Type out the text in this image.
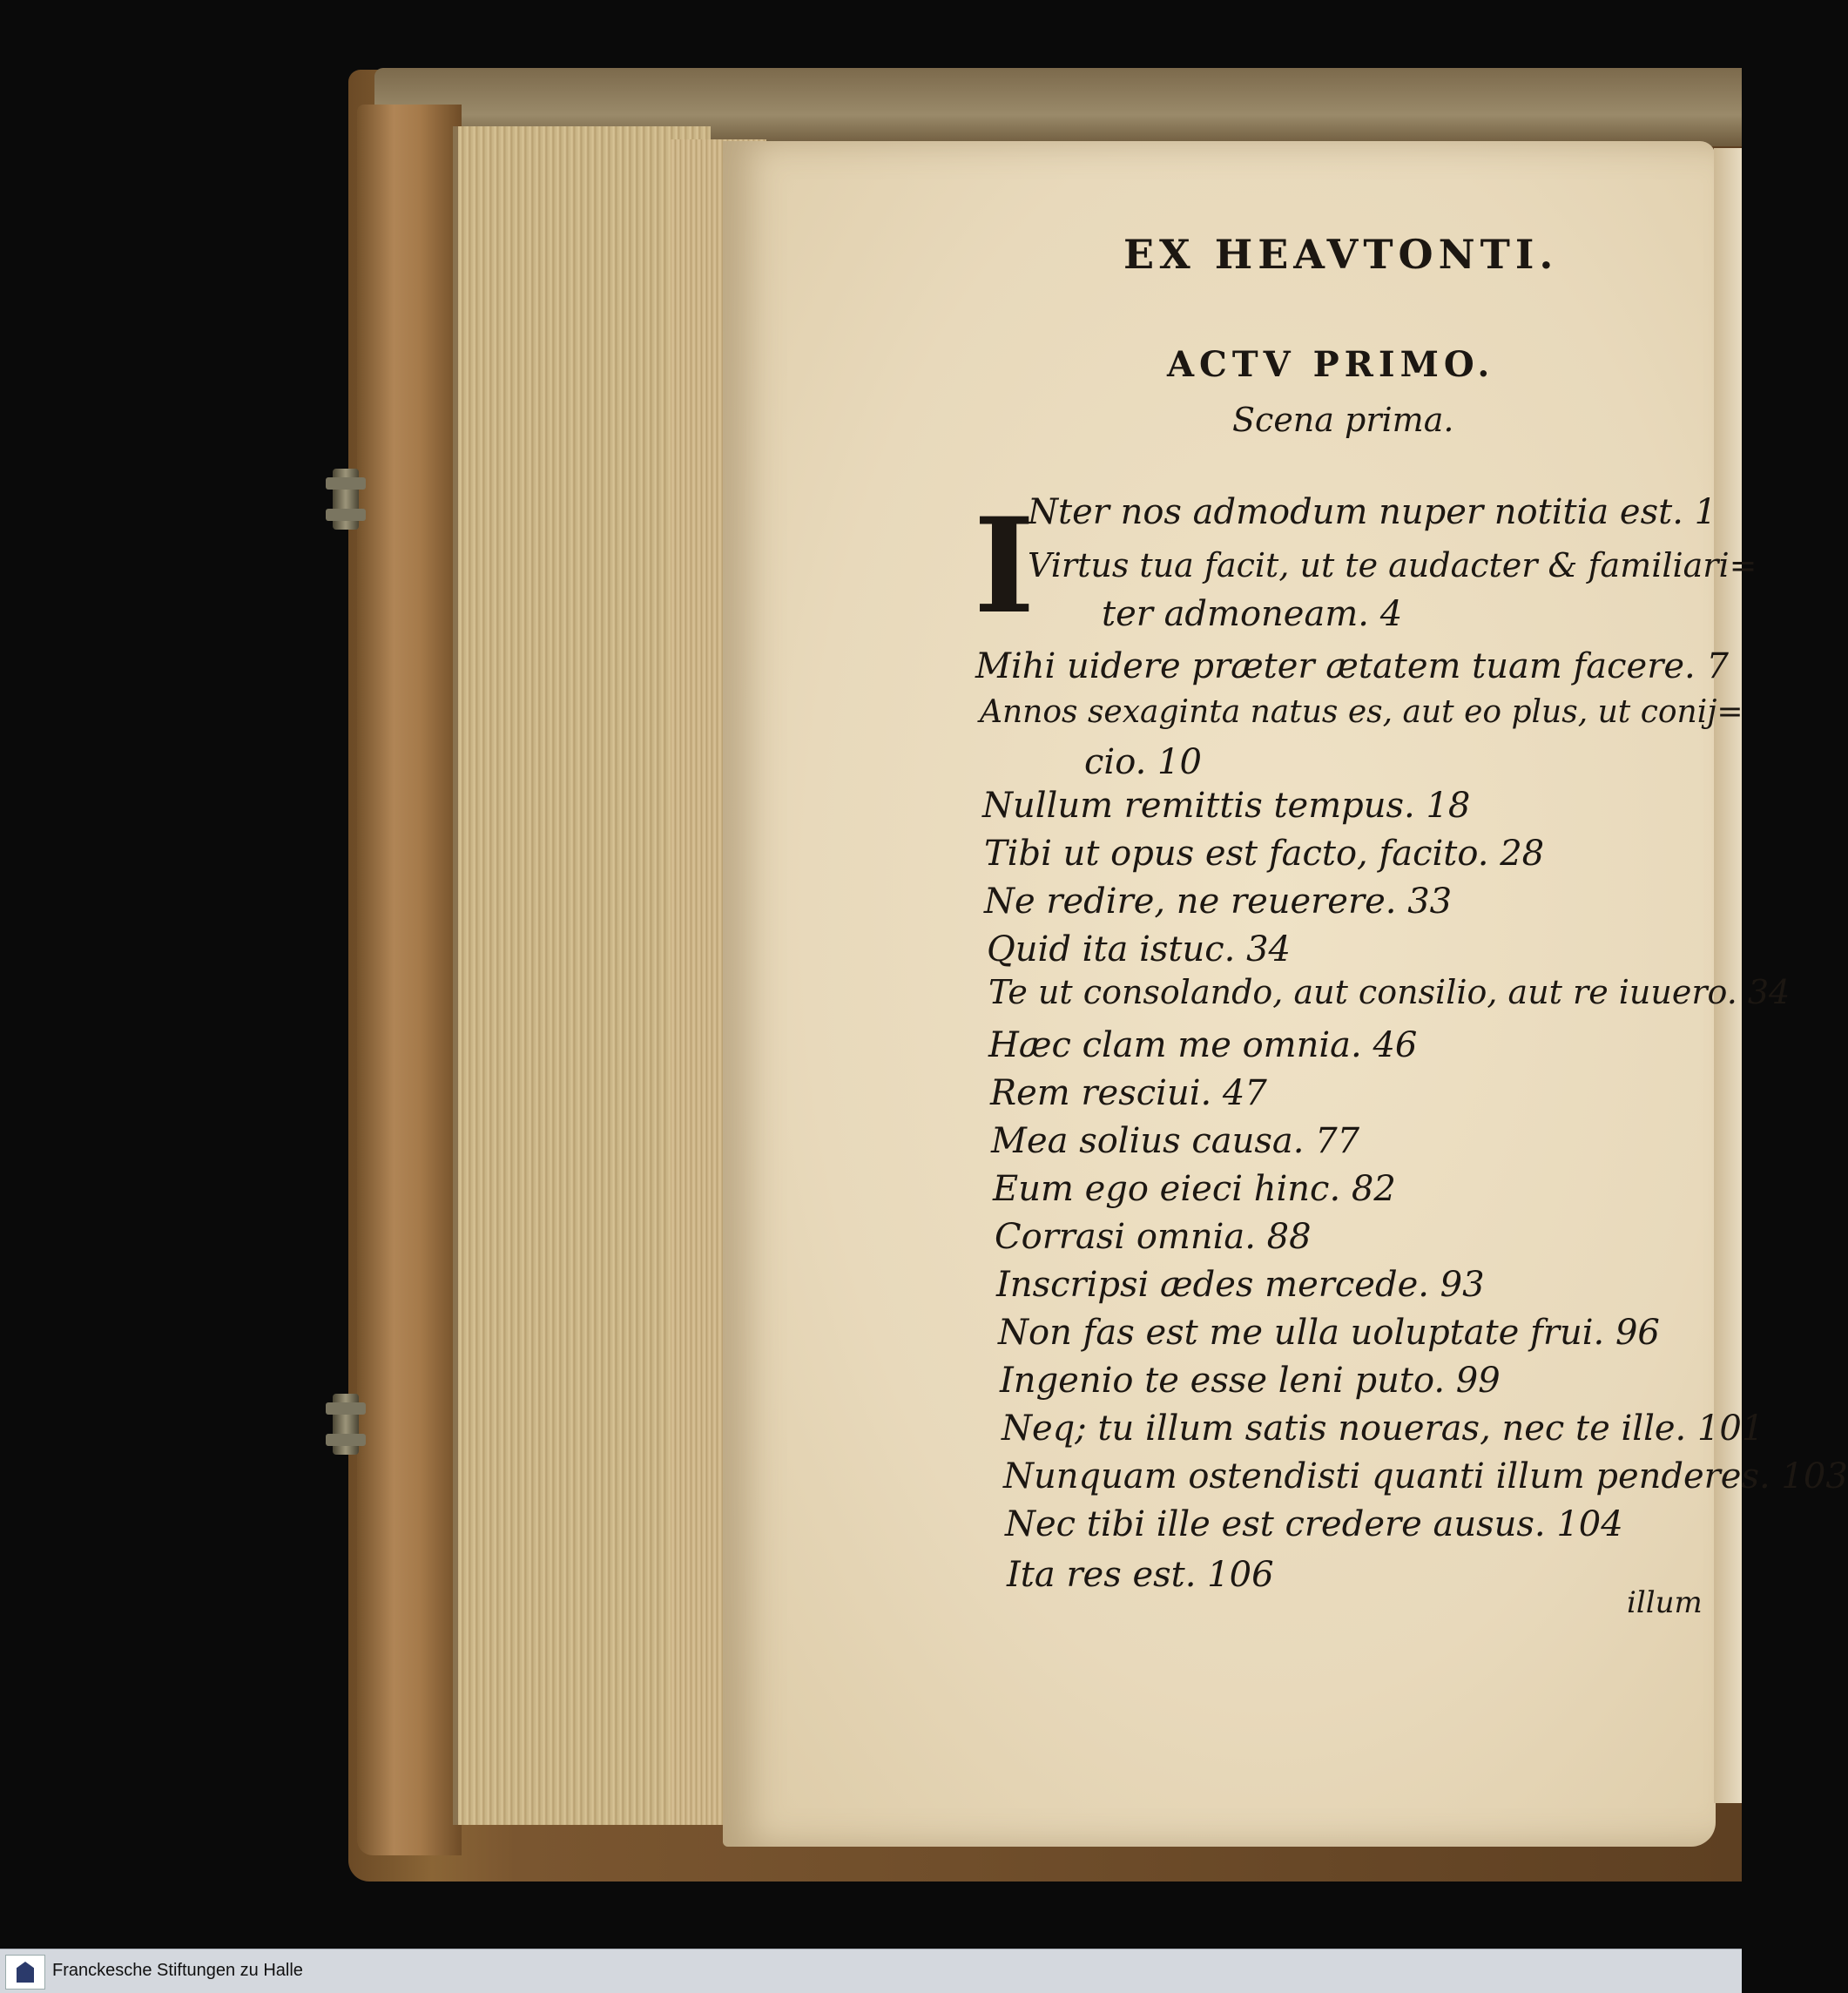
EX HEAVTONTI.
ACTV PRIMO.
Scena prima.
I
Nter nos admodum nuper notitia est. 1
Virtus tua facit, ut te audacter & familiari=
ter admoneam. 4
Mihi uidere præter ætatem tuam facere. 7
Annos sexaginta natus es, aut eo plus, ut conij=
cio. 10
Nullum remittis tempus. 18
Tibi ut opus est facto, facito. 28
Ne redire, ne reuerere. 33
Quid ita istuc. 34
Te ut consolando, aut consilio, aut re iuuero. 34
Hæc clam me omnia. 46
Rem resciui. 47
Mea solius causa. 77
Eum ego eieci hinc. 82
Corrasi omnia. 88
Inscripsi ædes mercede. 93
Non fas est me ulla uoluptate frui. 96
Ingenio te esse leni puto. 99
Neq; tu illum satis noueras, nec te ille. 101
Nunquam ostendisti quanti illum penderes. 103
Nec tibi ille est credere ausus. 104
Ita res est. 106
illum
Franckesche Stiftungen zu Halle
